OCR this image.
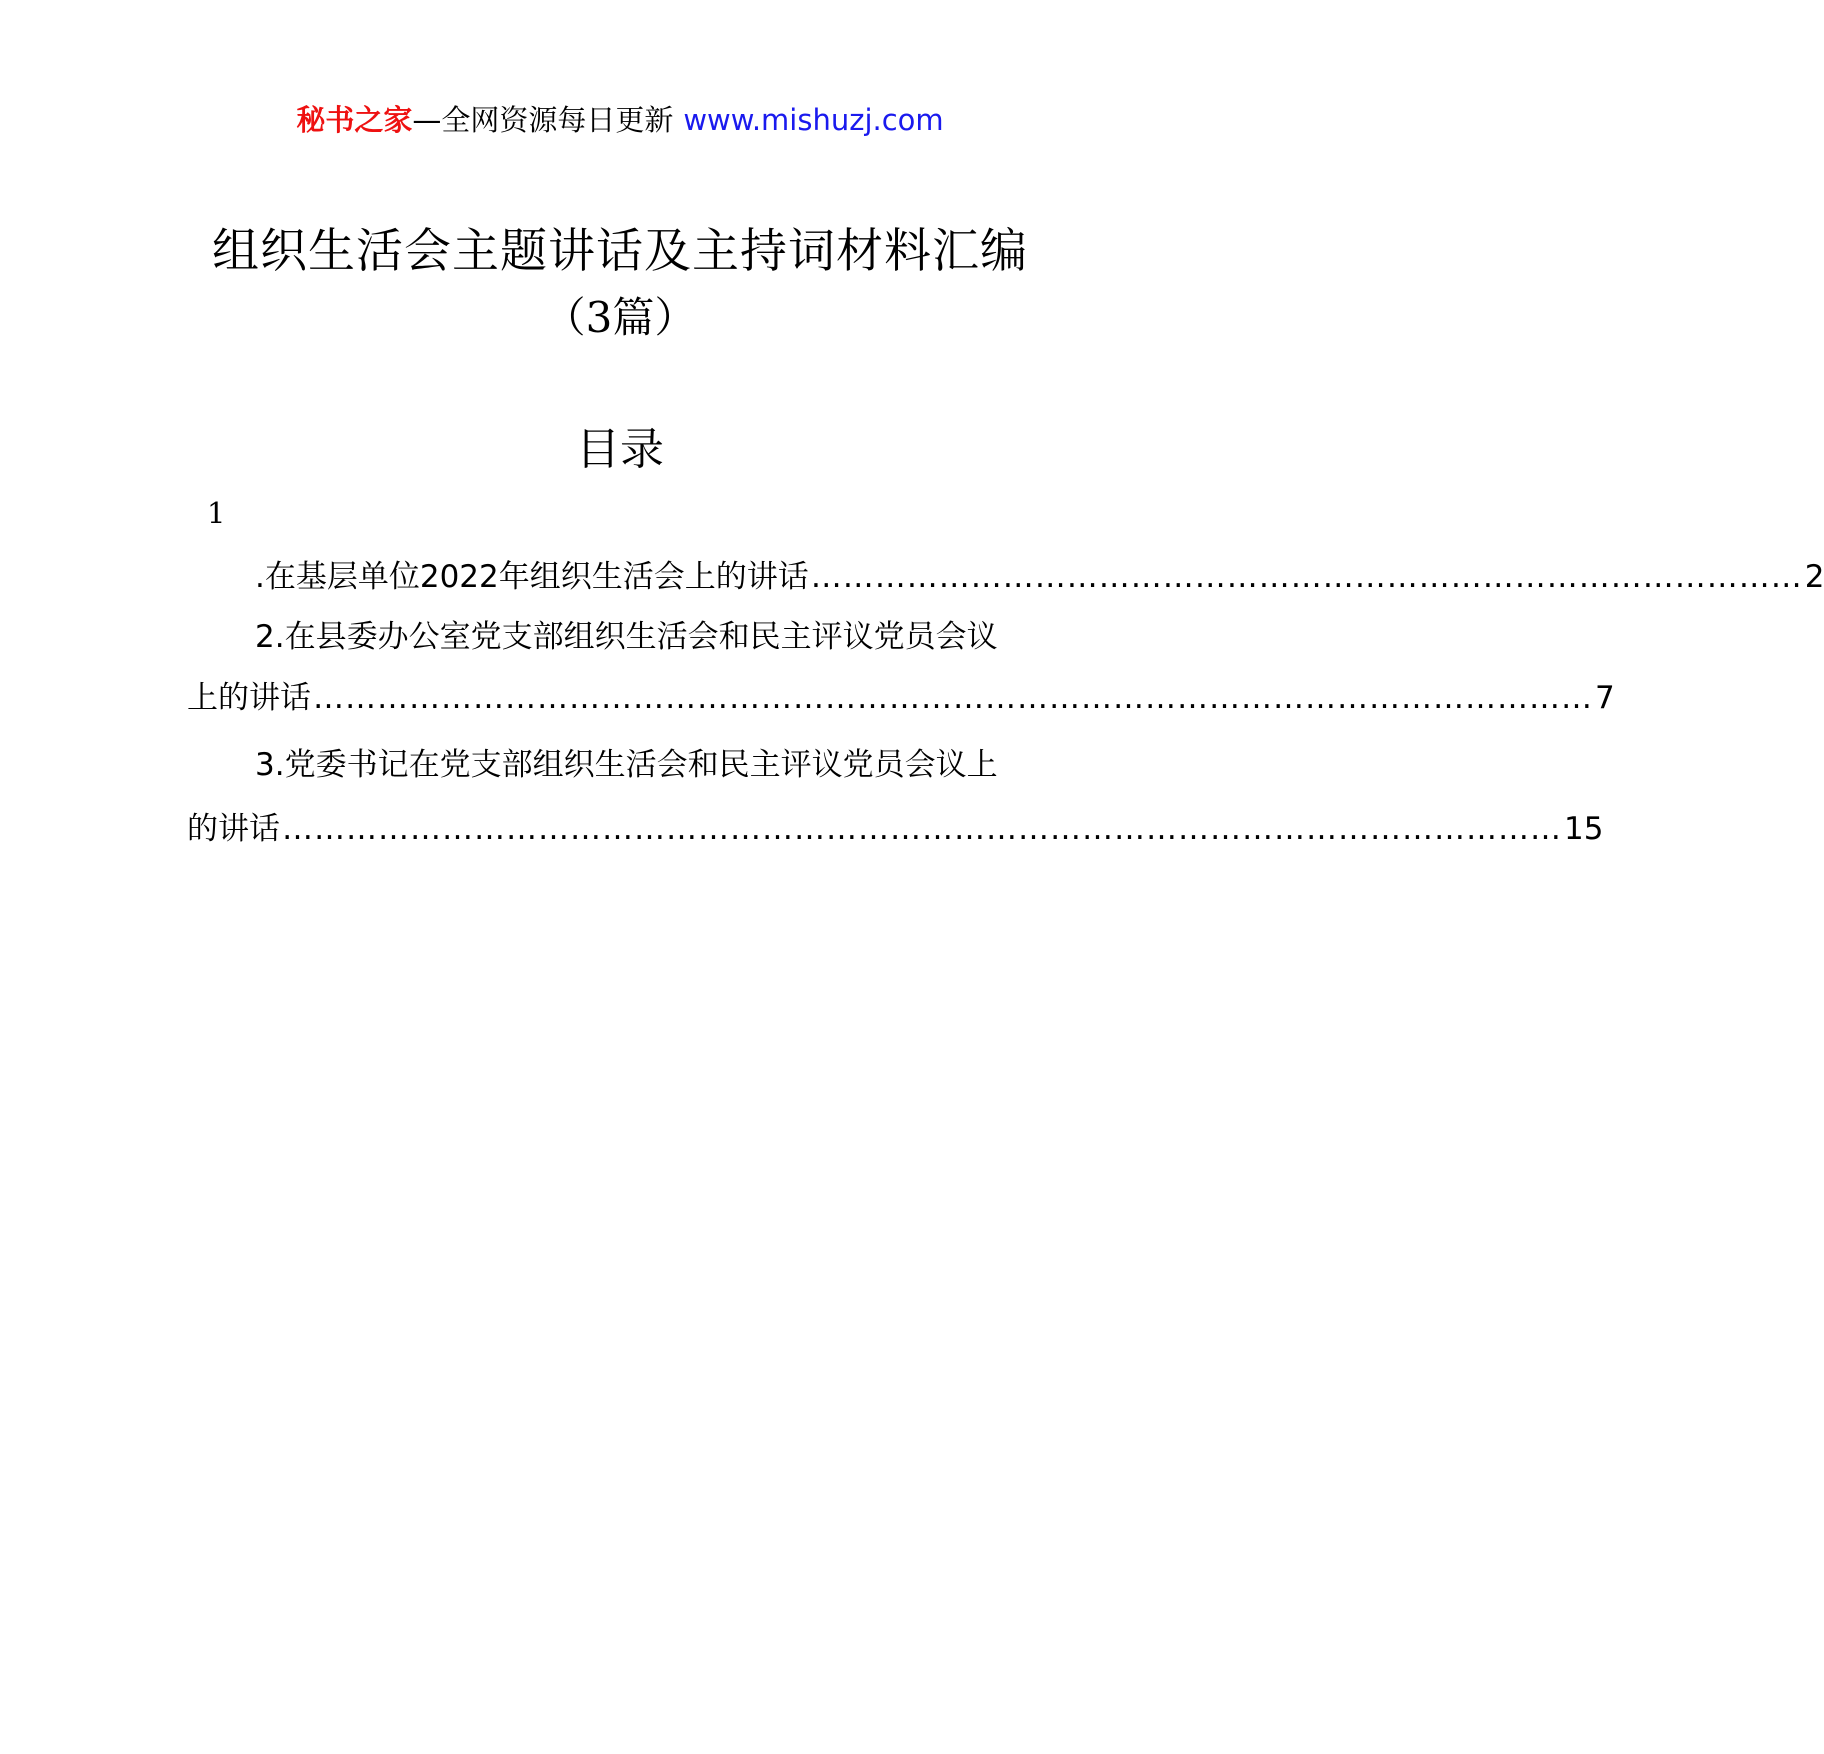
秘书之家—全网资源每日更新 www.mishuzj.com
组织生活会主题讲话及主持词材料汇编
（3篇）
目录
1
.在基层单位2022年组织生活会上的讲话 ………………………………………………………………………………… 2
2.在县委办公室党支部组织生活会和民主评议党员会议
上的讲话 ………………………………………………………………………………………………………… 7
3.党委书记在党支部组织生活会和民主评议党员会议上
的讲话 ………………………………………………………………………………………………………… 15
